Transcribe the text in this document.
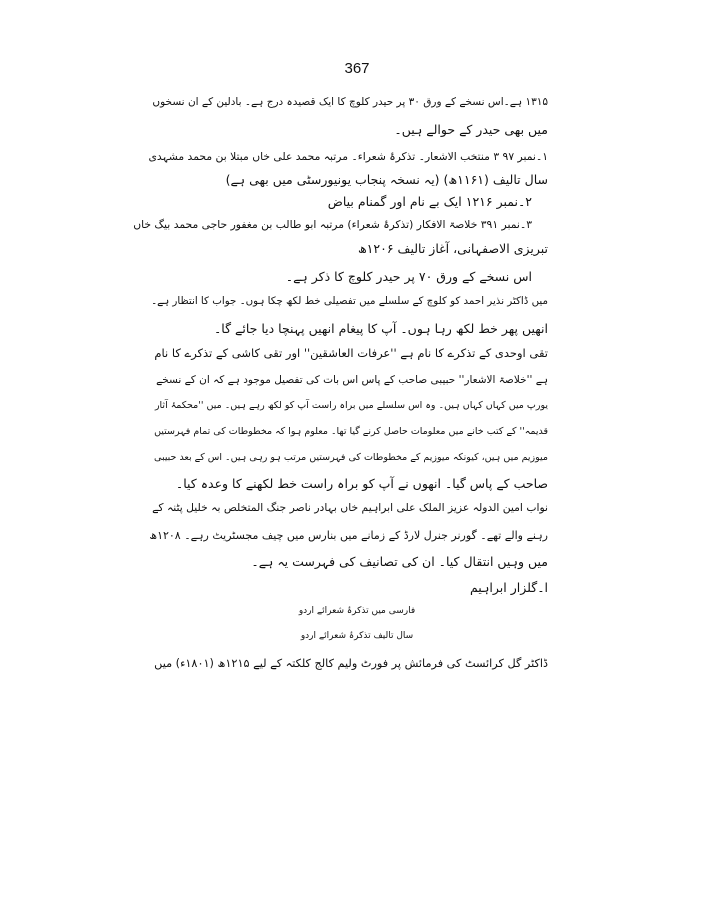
367
۱۳۱۵ ہے۔اس نسخے کے ورق ۳۰ پر حیدر کلوچ کا ایک قصیدہ درج ہے۔ بادلین کے ان نسخوں
میں بھی حیدر کے حوالے ہیں۔
۱۔نمبر ۹۷ ۳ منتخب الاشعار۔ تذکرۂ شعراء۔ مرتبہ محمد علی خاں مبتلا بن محمد مشہدی
سال تالیف (۱۱۶۱ھ) (یہ نسخہ پنجاب یونیورسٹی میں بھی ہے)
۲۔نمبر ۱۲۱۶ ایک بے نام اور گمنام بیاض
۳۔نمبر ۳۹۱ خلاصۃ الافکار (تذکرۂ شعراء) مرتبہ ابو طالب بن مغفور حاجی محمد بیگ خاں
تبریزی الاصفہانی، آغاز تالیف ۱۲۰۶ھ
اس نسخے کے ورق ۷۰ پر حیدر کلوچ کا ذکر ہے۔
میں ڈاکٹر نذیر احمد کو کلوچ کے سلسلے میں تفصیلی خط لکھ چکا ہوں۔ جواب کا انتظار ہے۔
انھیں پھر خط لکھ رہا ہوں۔ آپ کا پیغام انھیں پہنچا دیا جائے گا۔
تقی اوحدی کے تذکرے کا نام ہے ''عرفات العاشقین'' اور تقی کاشی کے تذکرے کا نام
ہے ''خلاصۃ الاشعار'' حبیبی صاحب کے پاس اس بات کی تفصیل موجود ہے کہ ان کے نسخے
یورپ میں کہاں کہاں ہیں۔ وہ اس سلسلے میں براہ راست آپ کو لکھ رہے ہیں۔ میں ''محکمۂ آثار
قدیمہ'' کے کتب خانے میں معلومات حاصل کرنے گیا تھا۔ معلوم ہوا کہ مخطوطات کی تمام فہرستیں
میوزیم میں ہیں، کیونکہ میوزیم کے مخطوطات کی فہرستیں مرتب ہو رہی ہیں۔ اس کے بعد حبیبی
صاحب کے پاس گیا۔ انھوں نے آپ کو براہ راست خط لکھنے کا وعدہ کیا۔
نواب امین الدولہ عزیز الملک علی ابراہیم خاں بہادر ناصر جنگ المتخلص بہ خلیل پٹنہ کے
رہنے والے تھے۔ گورنر جنرل لارڈ کے زمانے میں بنارس میں چیف مجسٹریٹ رہے۔ ۱۲۰۸ھ
میں وہیں انتقال کیا۔ ان کی تصانیف کی فہرست یہ ہے۔
ا۔گلزار ابراہیم
فارسی میں تذکرۂ شعرائے اردو
سال تالیف تذکرۂ شعرائے اردو
ڈاکٹر گل کرائسٹ کی فرمائش پر فورٹ ولیم کالج کلکتہ کے لیے ۱۲۱۵ھ (۱۸۰۱ء) میں
